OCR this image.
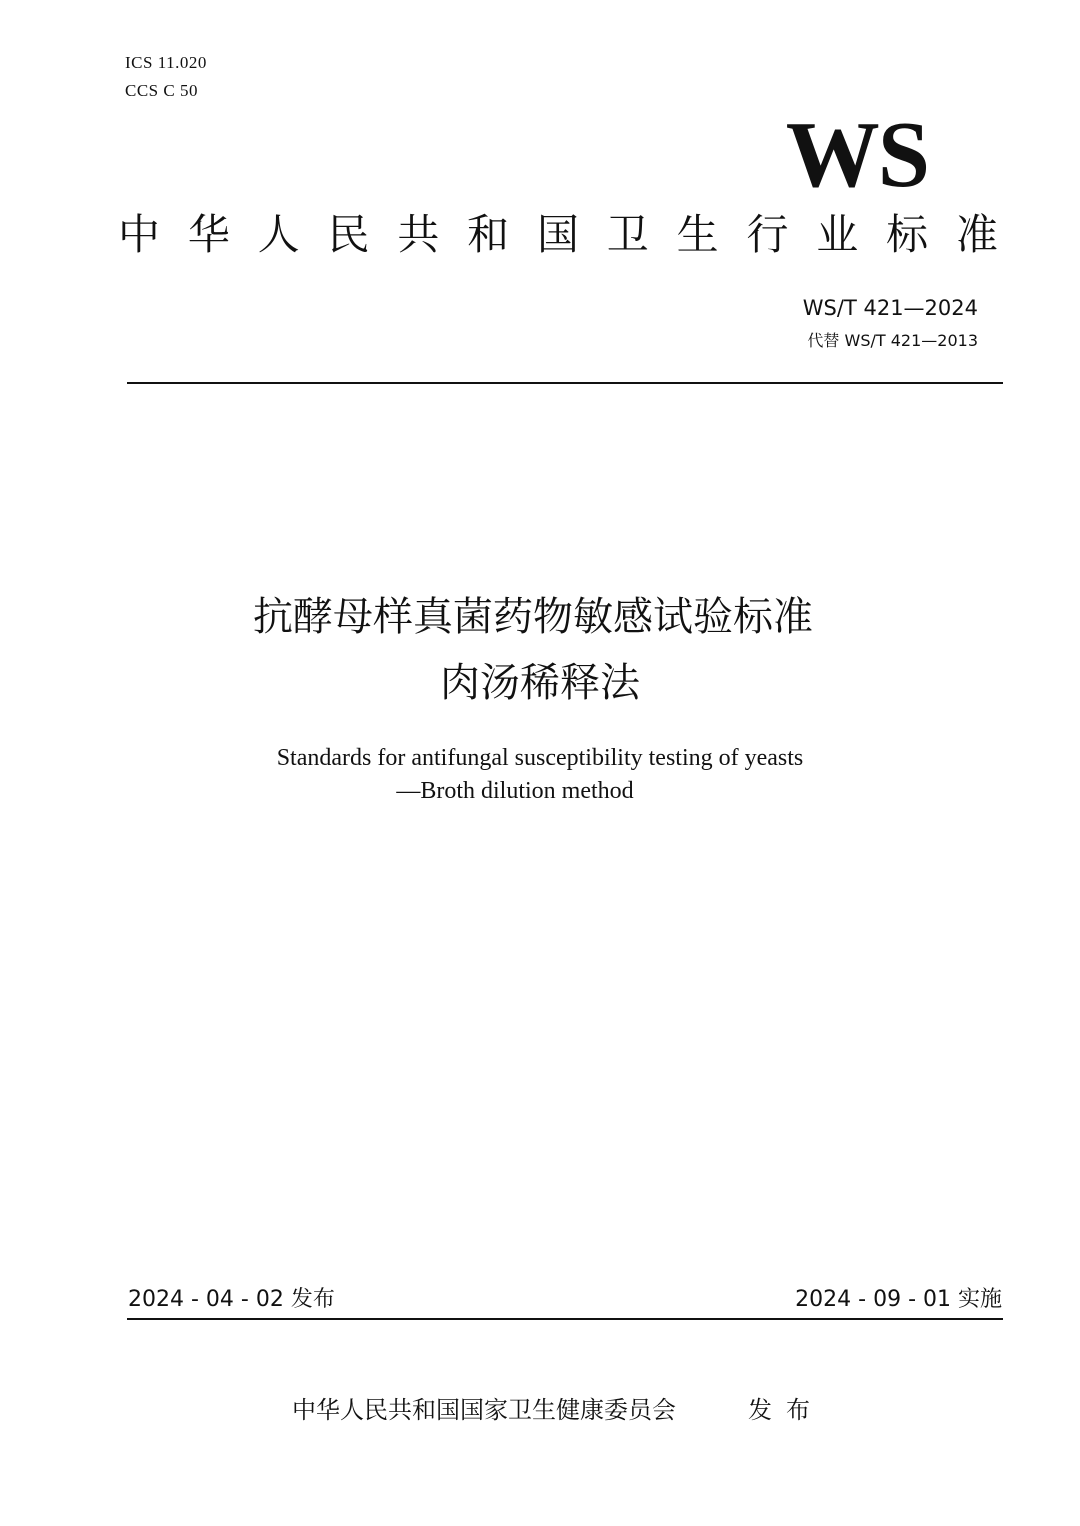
ICS 11.020
CCS C 50
WS
中 华 人 民 共 和 国 卫 生 行 业 标 准
WS/T 421—2024
代替 WS/T 421—2013
抗酵母样真菌药物敏感试验标准
肉汤稀释法
Standards for antifungal susceptibility testing of yeasts
—Broth dilution method
2024 - 04 - 02 发布	2024 - 09 - 01 实施
中华人民共和国国家卫生健康委员会	发布
